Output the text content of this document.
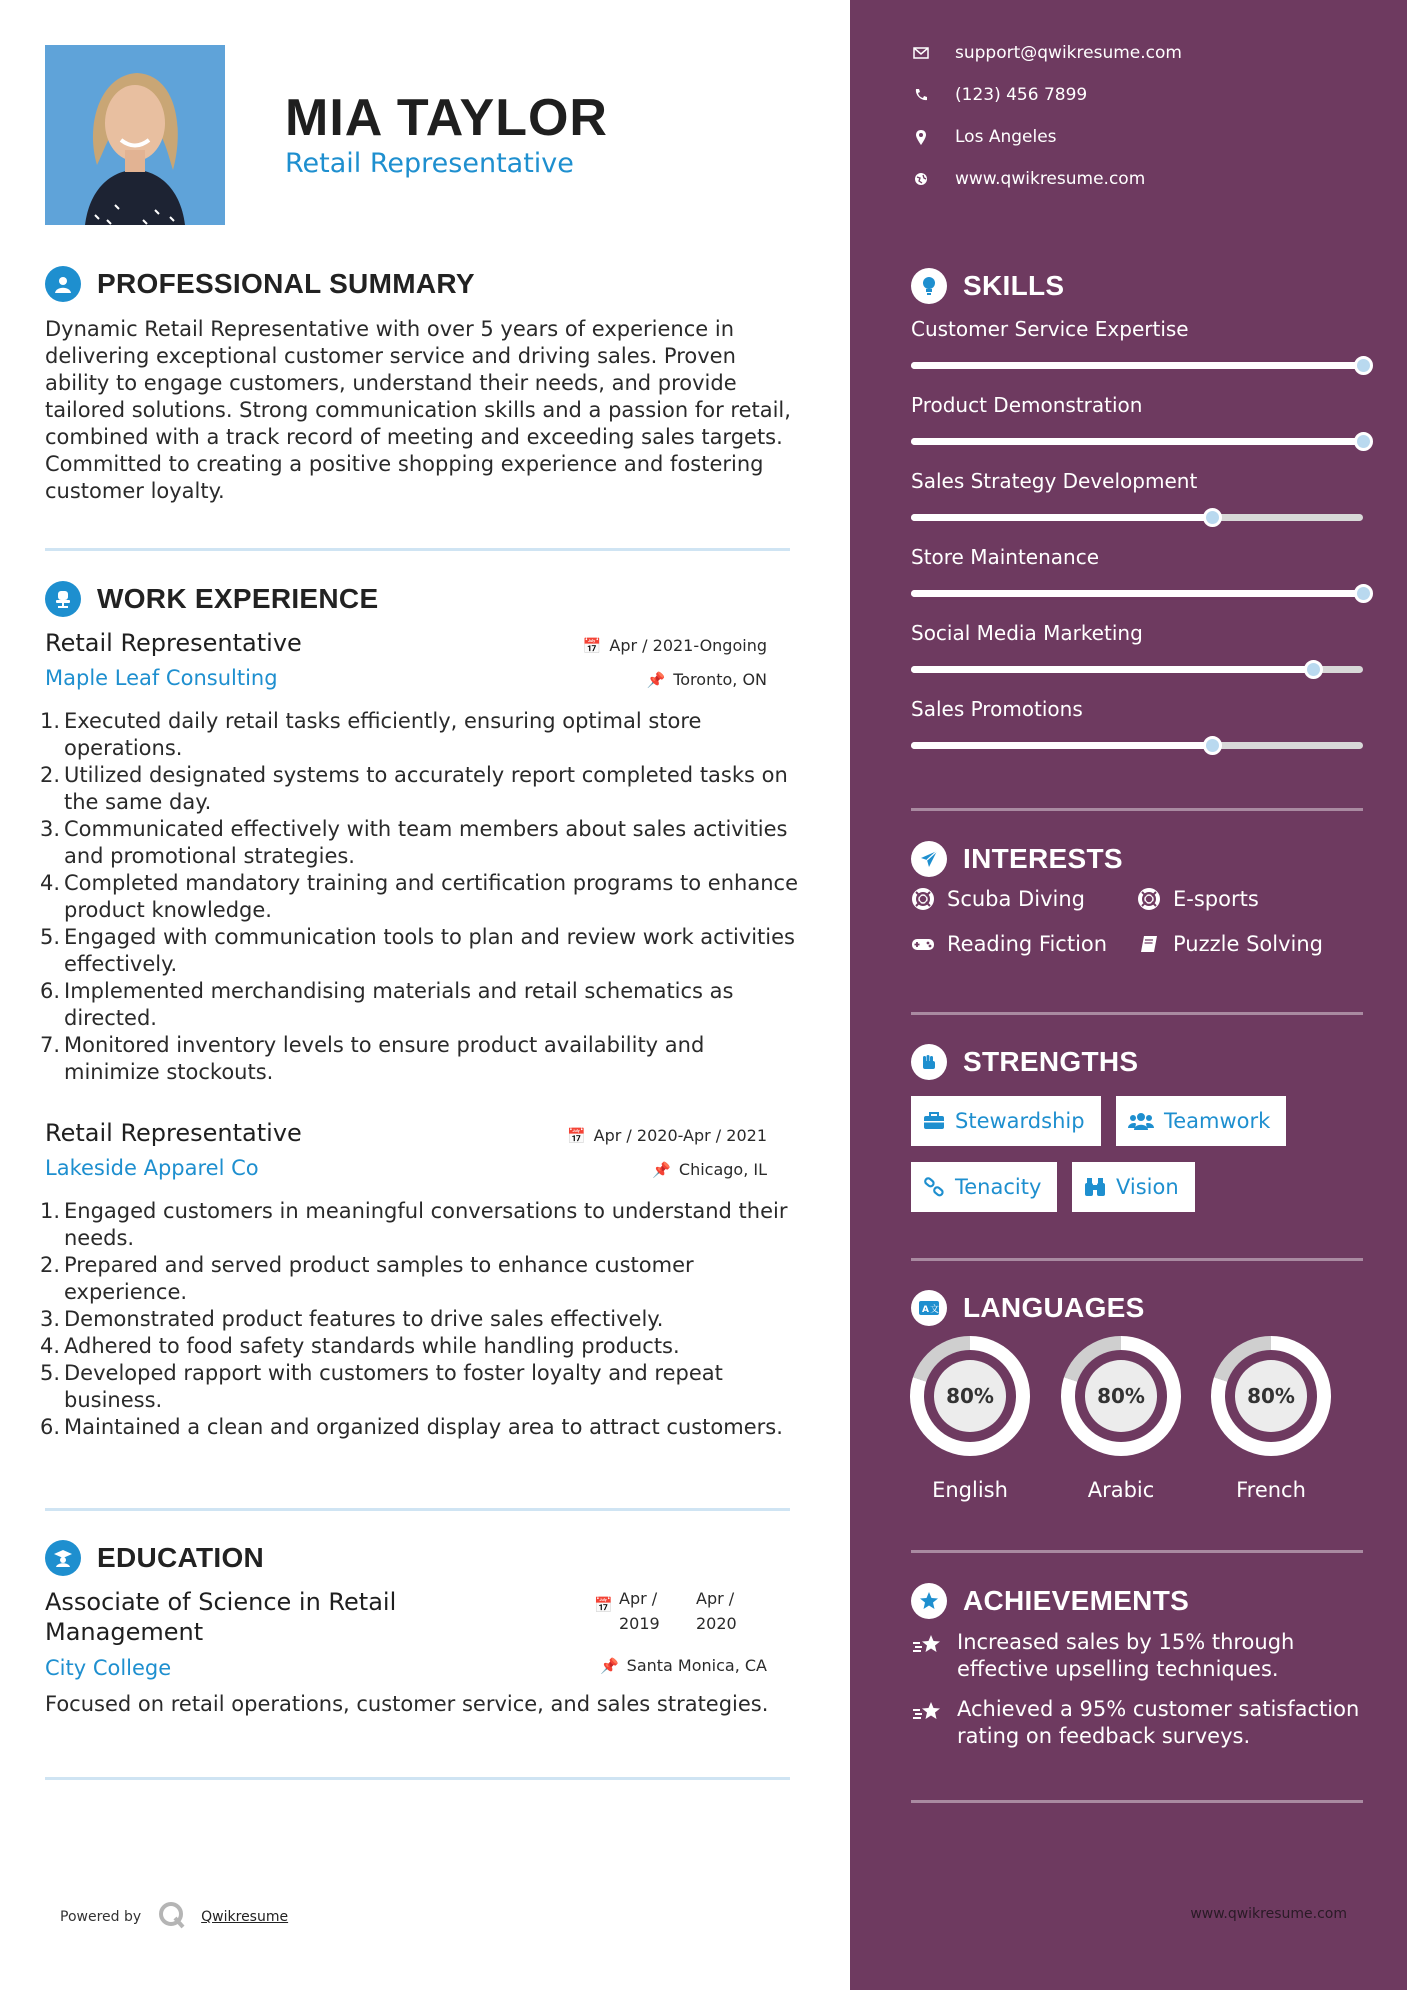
MIA TAYLOR
Retail Representative
PROFESSIONAL SUMMARY
Dynamic Retail Representative with over 5 years of experience in delivering exceptional customer service and driving sales. Proven ability to engage customers, understand their needs, and provide tailored solutions. Strong communication skills and a passion for retail, combined with a track record of meeting and exceeding sales targets. Committed to creating a positive shopping experience and fostering customer loyalty.
WORK EXPERIENCE
Retail Representative
Maple Leaf Consulting
📅 Apr / 2021-Ongoing
📌 Toronto, ON
1. Executed daily retail tasks efficiently, ensuring optimal store operations.
2. Utilized designated systems to accurately report completed tasks on the same day.
3. Communicated effectively with team members about sales activities and promotional strategies.
4. Completed mandatory training and certification programs to enhance product knowledge.
5. Engaged with communication tools to plan and review work activities effectively.
6. Implemented merchandising materials and retail schematics as directed.
7. Monitored inventory levels to ensure product availability and minimize stockouts.
Retail Representative
Lakeside Apparel Co
📅 Apr / 2020-Apr / 2021
📌 Chicago, IL
1. Engaged customers in meaningful conversations to understand their needs.
2. Prepared and served product samples to enhance customer experience.
3. Demonstrated product features to drive sales effectively.
4. Adhered to food safety standards while handling products.
5. Developed rapport with customers to foster loyalty and repeat business.
6. Maintained a clean and organized display area to attract customers.
EDUCATION
Associate of Science in Retail Management
City College
📅 Apr / 2019
Apr / 2020
📌 Santa Monica, CA
Focused on retail operations, customer service, and sales strategies.
Powered by	Qwikresume	www.qwikresume.com
support@qwikresume.com
(123) 456 7899
Los Angeles
www.qwikresume.com
SKILLS
Customer Service Expertise
Product Demonstration
Sales Strategy Development
Store Maintenance
Social Media Marketing
Sales Promotions
INTERESTS
Scuba Diving	E-sports
Reading Fiction	Puzzle Solving
STRENGTHS
Stewardship	Teamwork
Tenacity	Vision
A 文 LANGUAGES
80%
English
80%
Arabic
80%
French
ACHIEVEMENTS
Increased sales by 15% through effective upselling techniques.
Achieved a 95% customer satisfaction rating on feedback surveys.
